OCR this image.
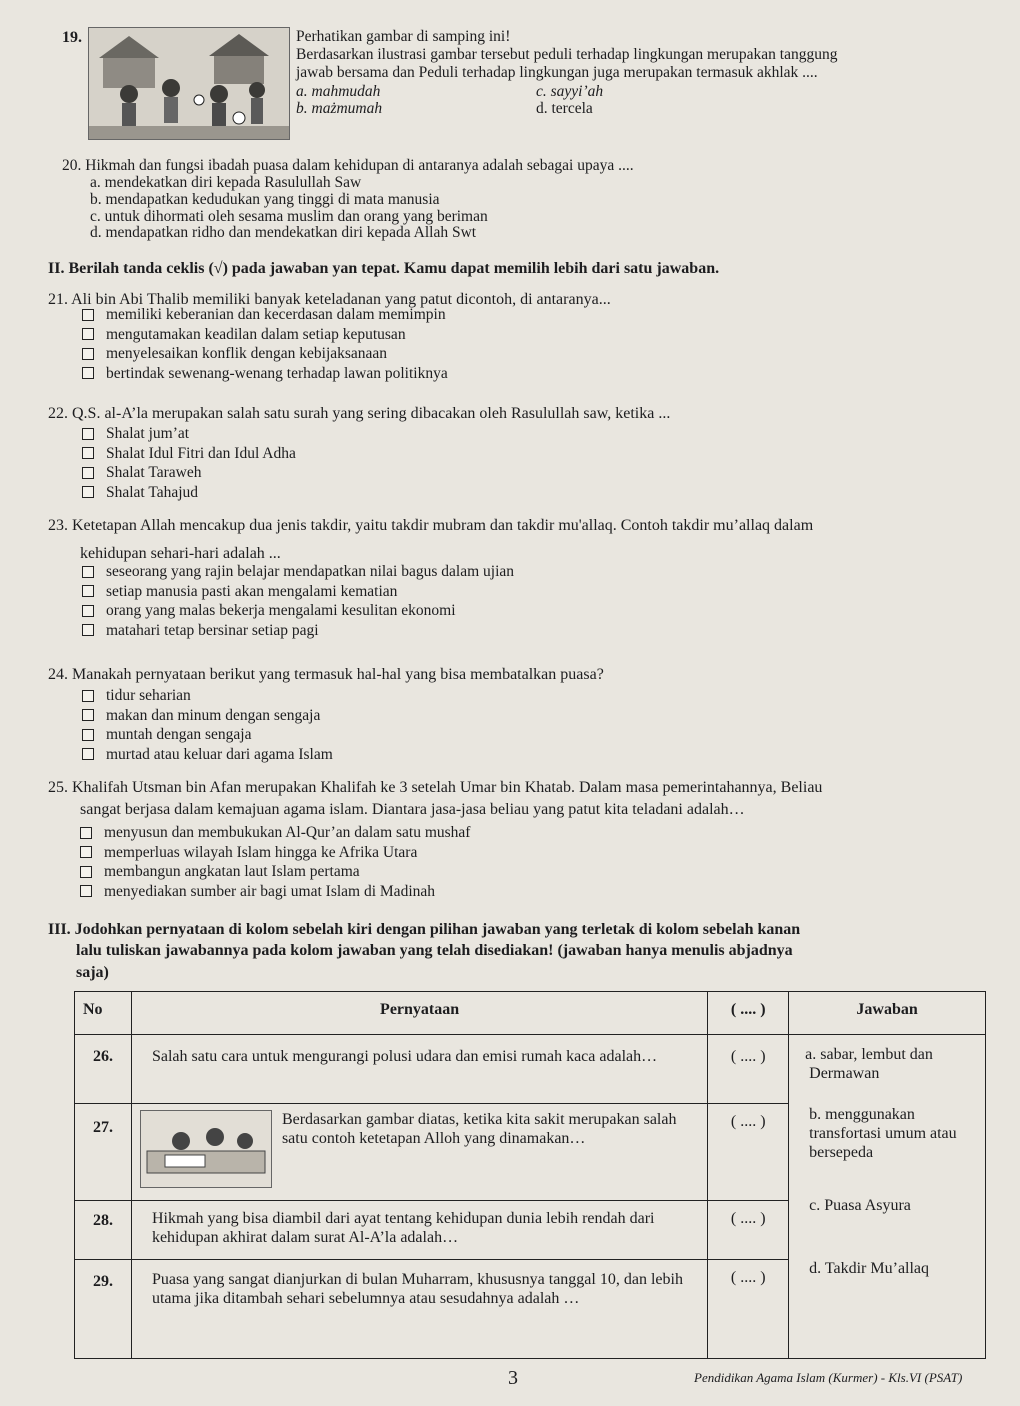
19.	Perhatikan gambar di samping ini!
Berdasarkan ilustrasi gambar tersebut peduli terhadap lingkungan merupakan tanggung
jawab bersama dan Peduli terhadap lingkungan juga merupakan termasuk akhlak ....
a. mahmudah
b. mażmumah
c. sayyi’ah
d. tercela
20. Hikmah dan fungsi ibadah puasa dalam kehidupan di antaranya adalah sebagai upaya ....
a. mendekatkan diri kepada Rasulullah Saw
b. mendapatkan kedudukan yang tinggi di mata manusia
c. untuk dihormati oleh sesama muslim dan orang yang beriman
d. mendapatkan ridho dan mendekatkan diri kepada Allah Swt
II. Berilah tanda ceklis (√) pada jawaban yan tepat. Kamu dapat memilih lebih dari satu jawaban.
21. Ali bin Abi Thalib memiliki banyak keteladanan yang patut dicontoh, di antaranya...
memiliki keberanian dan kecerdasan dalam memimpin
mengutamakan keadilan dalam setiap keputusan
menyelesaikan konflik dengan kebijaksanaan
bertindak sewenang-wenang terhadap lawan politiknya
22. Q.S. al-A’la merupakan salah satu surah yang sering dibacakan oleh Rasulullah saw, ketika ...
Shalat jum’at
Shalat Idul Fitri dan Idul Adha
Shalat Taraweh
Shalat Tahajud
23. Ketetapan Allah mencakup dua jenis takdir, yaitu takdir mubram dan takdir mu'allaq. Contoh takdir mu’allaq dalam
kehidupan sehari-hari adalah ...
seseorang yang rajin belajar mendapatkan nilai bagus dalam ujian
setiap manusia pasti akan mengalami kematian
orang yang malas bekerja mengalami kesulitan ekonomi
matahari tetap bersinar setiap pagi
24. Manakah pernyataan berikut yang termasuk hal-hal yang bisa membatalkan puasa?
tidur seharian
makan dan minum dengan sengaja
muntah dengan sengaja
murtad atau keluar dari agama Islam
25. Khalifah Utsman bin Afan merupakan Khalifah ke 3 setelah Umar bin Khatab. Dalam masa pemerintahannya, Beliau
sangat berjasa dalam kemajuan agama islam. Diantara jasa-jasa beliau yang patut kita teladani adalah…
menyusun dan membukukan Al-Qur’an dalam satu mushaf
memperluas wilayah Islam hingga ke Afrika Utara
membangun angkatan laut Islam pertama
menyediakan sumber air bagi umat Islam di Madinah
III. Jodohkan pernyataan di kolom sebelah kiri dengan pilihan jawaban yang terletak di kolom sebelah kanan
lalu tuliskan jawabannya pada kolom jawaban yang telah disediakan! (jawaban hanya menulis abjadnya
saja)
No	Pernyataan	( .... )	Jawaban
26.	Salah satu cara untuk mengurangi polusi udara dan emisi rumah kaca adalah…	( .... )	a. sabar, lembut dan Dermawan
b. menggunakan transfortasi umum atau bersepeda
c. Puasa Asyura
d. Takdir Mu’allaq

27.	Berdasarkan gambar diatas, ketika kita sakit merupakan salah satu contoh ketetapan Alloh yang dinamakan…	( .... )	
28.	Hikmah yang bisa diambil dari ayat tentang kehidupan dunia lebih rendah dari kehidupan akhirat dalam surat Al-A’la adalah…	( .... )	
29.	Puasa yang sangat dianjurkan di bulan Muharram, khususnya tanggal 10, dan lebih utama jika ditambah sehari sebelumnya atau sesudahnya adalah …	( .... )	
3	Pendidikan Agama Islam (Kurmer) - Kls.VI (PSAT)
